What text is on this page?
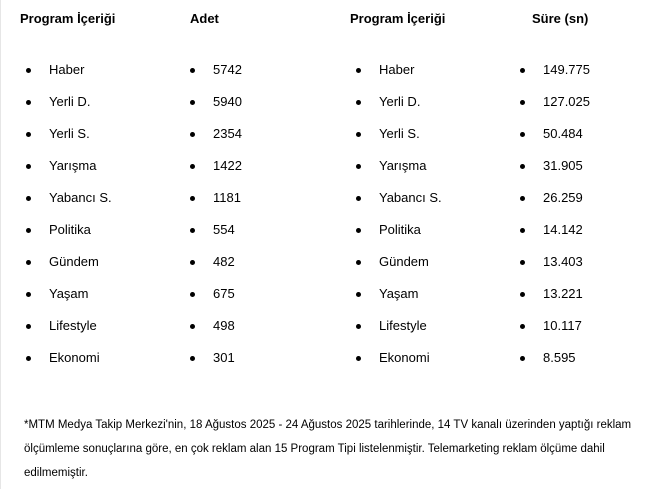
Program İçeriği
Haber
Yerli D.
Yerli S.
Yarışma
Yabancı S.
Politika
Gündem
Yaşam
Lifestyle
Ekonomi
Adet
5742
5940
2354
1422
1181
554
482
675
498
301
Program İçeriği
Haber
Yerli D.
Yerli S.
Yarışma
Yabancı S.
Politika
Gündem
Yaşam
Lifestyle
Ekonomi
Süre (sn)
149.775
127.025
50.484
31.905
26.259
14.142
13.403
13.221
10.117
8.595
*MTM Medya Takip Merkezi'nin, 18 Ağustos 2025 - 24 Ağustos 2025 tarihlerinde, 14 TV kanalı üzerinden yaptığı reklam ölçümleme sonuçlarına göre, en çok reklam alan 15 Program Tipi listelenmiştir. Telemarketing reklam ölçüme dahil edilmemiştir.
